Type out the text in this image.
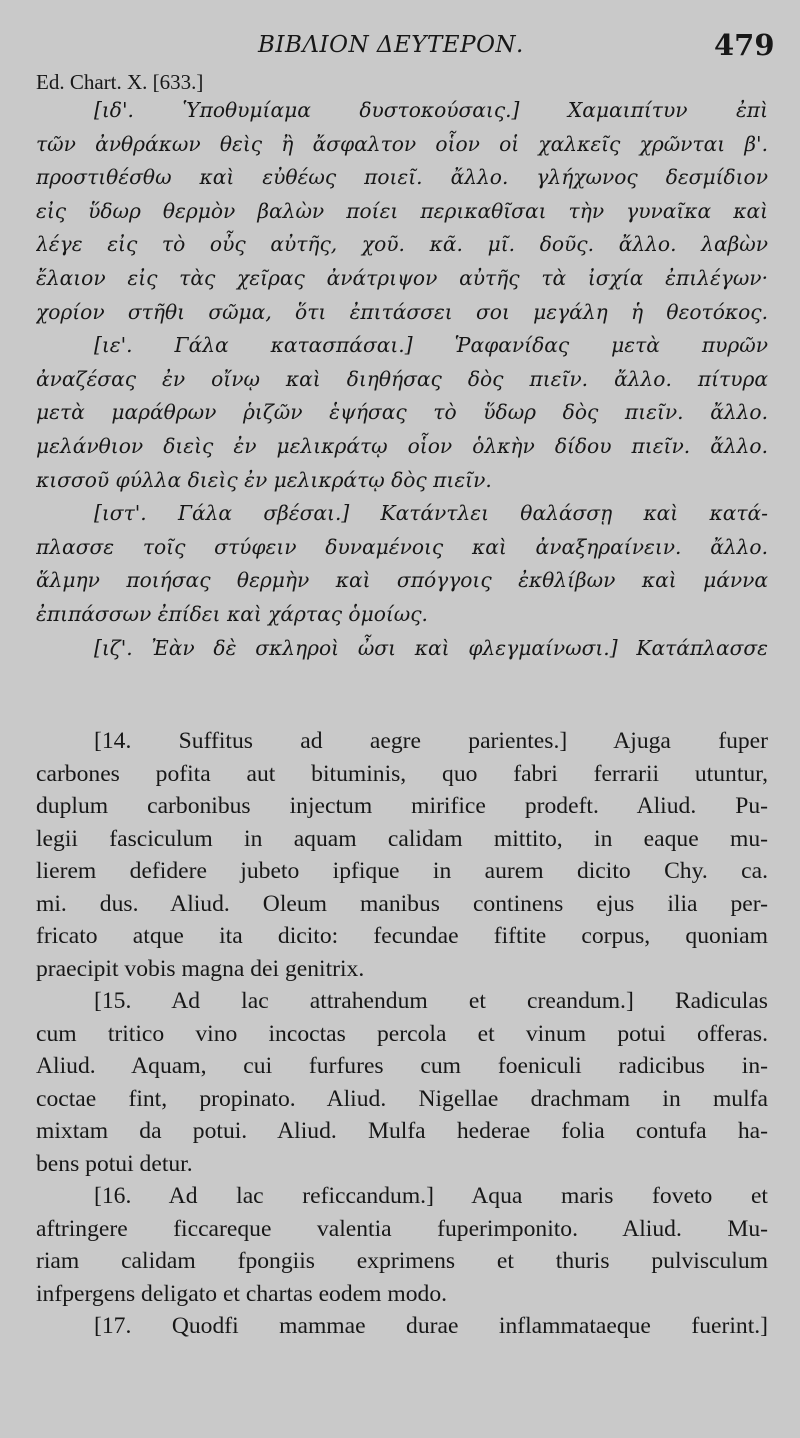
BIBΛΙΟΝ ΔΕΥΤΕΡΟΝ.	479
Ed. Chart. X. [633.]
[ιδ'. Ὑποθυμίαμα δυστοκούσαις.] Χαμαιπίτυν ἐπὶ
τῶν ἀνθράκων θεὶς ἢ ἄσφαλτον οἷον οἱ χαλκεῖς χρῶνται β'.
προστιθέσθω καὶ εὐθέως ποιεῖ. ἄλλο. γλήχωνος δεσμίδιον
εἰς ὕδωρ θερμὸν βαλὼν ποίει περικαθῖσαι τὴν γυναῖκα καὶ
λέγε εἰς τὸ οὖς αὐτῆς, χοῦ. κᾶ. μῖ. δοῦς. ἄλλο. λαβὼν
ἔλαιον εἰς τὰς χεῖρας ἀνάτριψον αὐτῆς τὰ ἰσχία ἐπιλέγων·
χορίον στῆθι σῶμα, ὅτι ἐπιτάσσει σοι μεγάλη ἡ θεοτόκος.
[ιε'. Γάλα κατασπάσαι.] Ῥαφανίδας μετὰ πυρῶν
ἀναζέσας ἐν οἴνῳ καὶ διηθήσας δὸς πιεῖν. ἄλλο. πίτυρα
μετὰ μαράθρων ῥιζῶν ἑψήσας τὸ ὕδωρ δὸς πιεῖν. ἄλλο.
μελάνθιον διεὶς ἐν μελικράτῳ οἷον ὁλκὴν δίδου πιεῖν. ἄλλο.
κισσοῦ φύλλα διεὶς ἐν μελικράτῳ δὸς πιεῖν.
[ιστ'. Γάλα σβέσαι.] Κατάντλει θαλάσσῃ καὶ κατά-
πλασσε τοῖς στύφειν δυναμένοις καὶ ἀναξηραίνειν. ἄλλο.
ἅλμην ποιήσας θερμὴν καὶ σπόγγοις ἐκθλίβων καὶ μάννα
ἐπιπάσσων ἐπίδει καὶ χάρτας ὁμοίως.
[ιζ'. Ἐὰν δὲ σκληροὶ ὦσι καὶ φλεγμαίνωσι.] Κατάπλασσε
[14. Suffitus ad aegre parientes.] Ajuga fuper
carbones pofita aut bituminis, quo fabri ferrarii utuntur,
duplum carbonibus injectum mirifice prodeft. Aliud. Pu-
legii fasciculum in aquam calidam mittito, in eaque mu-
lierem defidere jubeto ipfique in aurem dicito Chy. ca.
mi. dus. Aliud. Oleum manibus continens ejus ilia per-
fricato atque ita dicito: fecundae fiftite corpus, quoniam
praecipit vobis magna dei genitrix.
[15. Ad lac attrahendum et creandum.] Radiculas
cum tritico vino incoctas percola et vinum potui offeras.
Aliud. Aquam, cui furfures cum foeniculi radicibus in-
coctae fint, propinato. Aliud. Nigellae drachmam in mulfa
mixtam da potui. Aliud. Mulfa hederae folia contufa ha-
bens potui detur.
[16. Ad lac reficcandum.] Aqua maris foveto et
aftringere ficcareque valentia fuperimponito. Aliud. Mu-
riam calidam fpongiis exprimens et thuris pulvisculum
infpergens deligato et chartas eodem modo.
[17. Quodfi mammae durae inflammataeque fuerint.]
